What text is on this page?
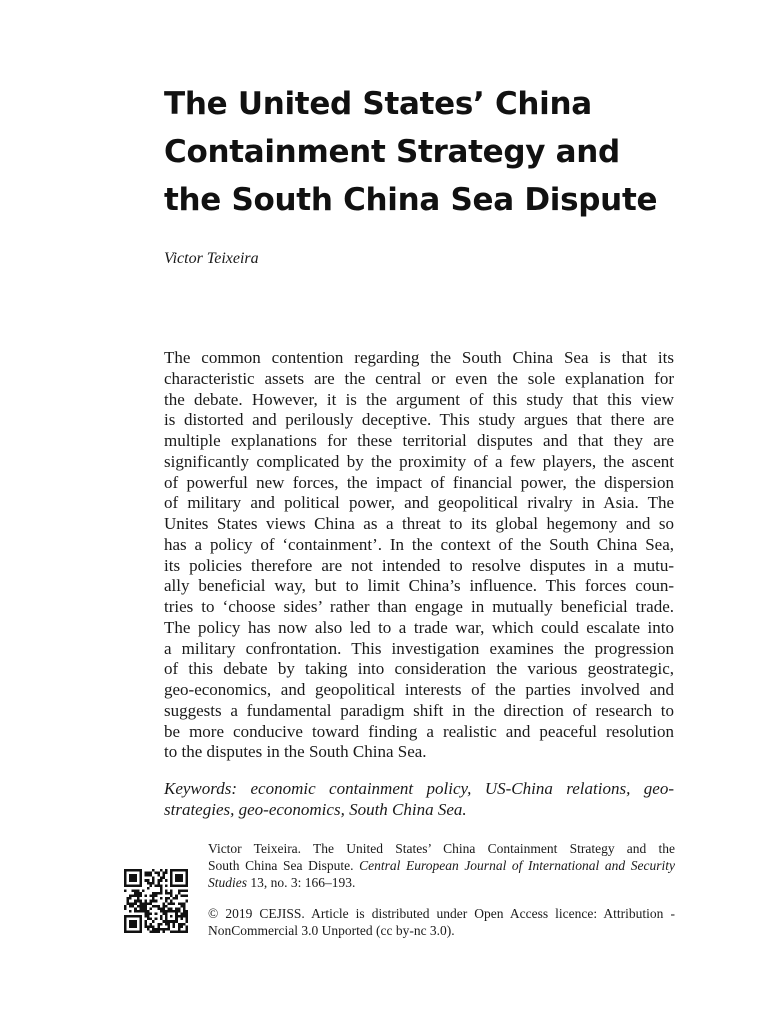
The United States’ China
Containment Strategy and
the South China Sea Dispute
Victor Teixeira
The common contention regarding the South China Sea is that its
characteristic assets are the central or even the sole explanation for
the debate. However, it is the argument of this study that this view
is distorted and perilously deceptive. This study argues that there are
multiple explanations for these territorial disputes and that they are
significantly complicated by the proximity of a few players, the ascent
of powerful new forces, the impact of financial power, the dispersion
of military and political power, and geopolitical rivalry in Asia. The
Unites States views China as a threat to its global hegemony and so
has a policy of ‘containment’. In the context of the South China Sea,
its policies therefore are not intended to resolve disputes in a mutu-
ally beneficial way, but to limit China’s influence. This forces coun-
tries to ‘choose sides’ rather than engage in mutually beneficial trade.
The policy has now also led to a trade war, which could escalate into
a military confrontation. This investigation examines the progression
of this debate by taking into consideration the various geostrategic,
geo-economics, and geopolitical interests of the parties involved and
suggests a fundamental paradigm shift in the direction of research to
be more conducive toward finding a realistic and peaceful resolution
to the disputes in the South China Sea.
Keywords: economic containment policy, US-China relations, geo-
strategies, geo-economics, South China Sea.
Victor Teixeira. The United States’ China Containment Strategy and the
South China Sea Dispute. Central European Journal of International and Security
Studies 13, no. 3: 166–193.
© 2019 CEJISS. Article is distributed under Open Access licence: Attribution -
NonCommercial 3.0 Unported (cc by-nc 3.0).
